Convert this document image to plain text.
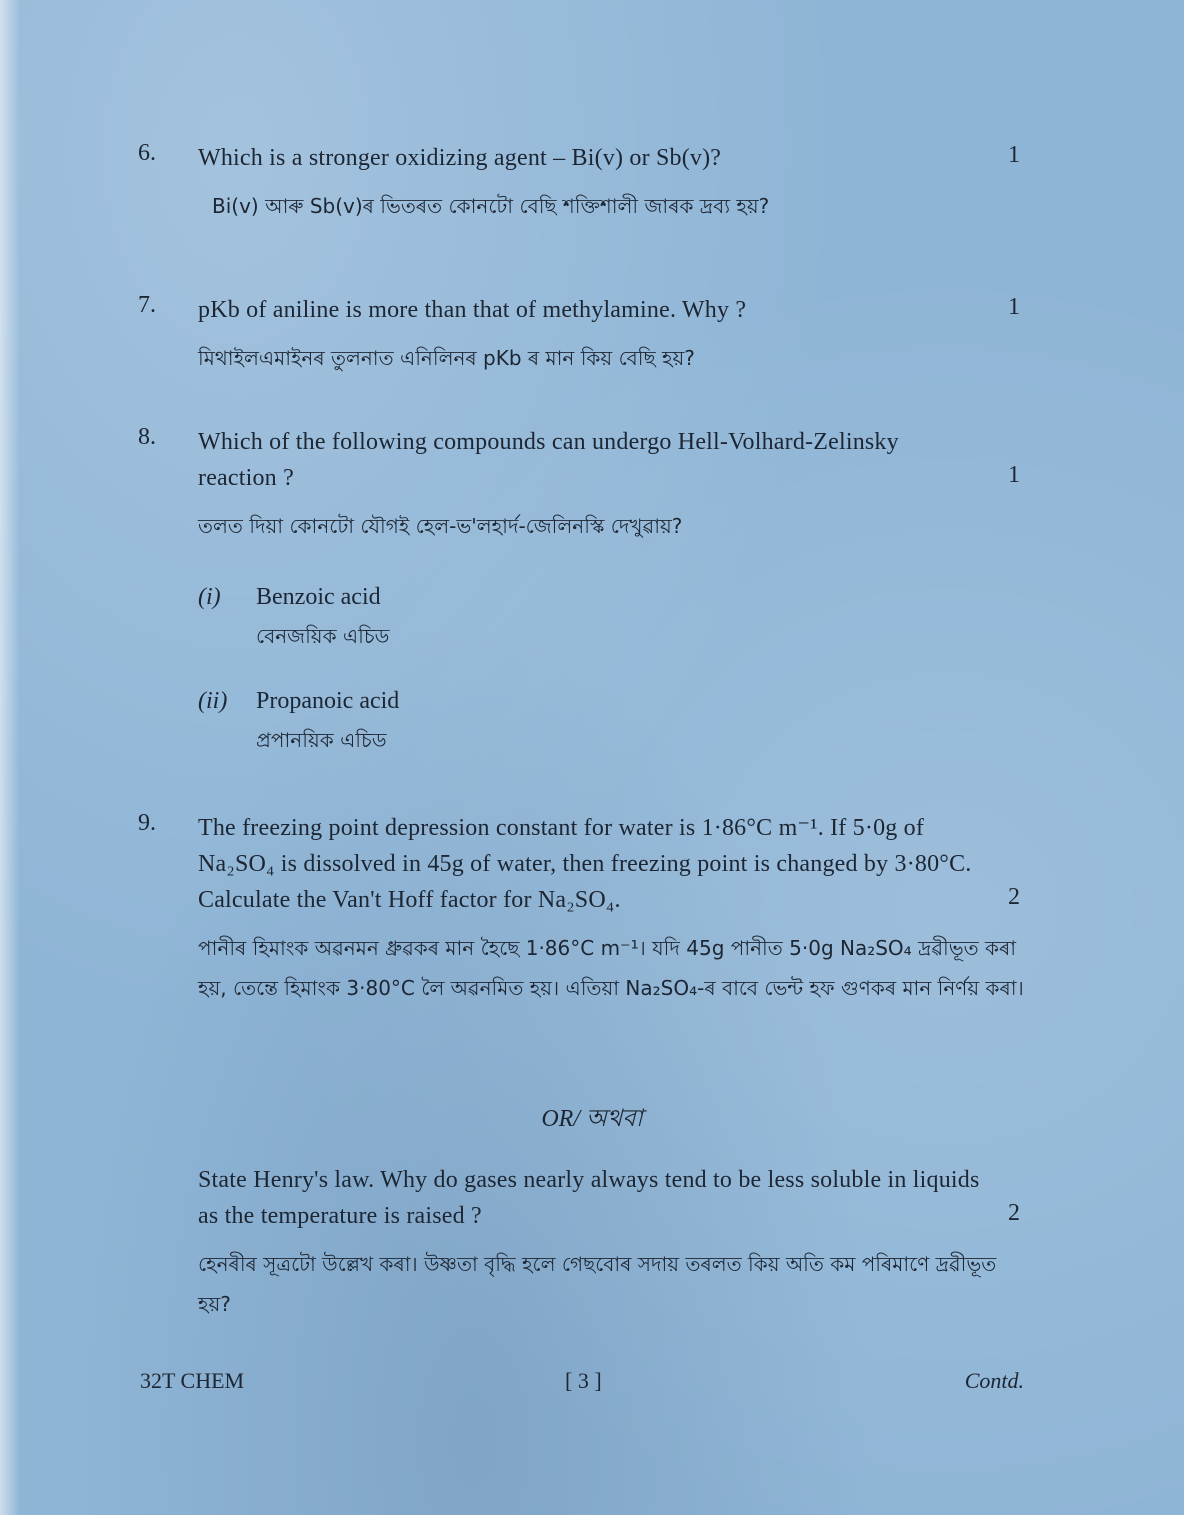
6. Which is a stronger oxidizing agent – Bi(v) or Sb(v)?
Bi(v) আৰু Sb(v)ৰ ভিতৰত কোনটো বেছি শক্তিশালী জাৰক দ্ৰব্য হয়?
1
7. pKb of aniline is more than that of methylamine. Why ?
মিথাইলএমাইনৰ তুলনাত এনিলিনৰ pKb ৰ মান কিয় বেছি হয়?
1
8. Which of the following compounds can undergo Hell-Volhard-Zelinsky reaction ?
তলত দিয়া কোনটো যৌগই হেল-ভ'লহাৰ্দ-জেলিনস্কি দেখুৱায়?
1
(i) Benzoic acid
বেনজয়িক এচিড
(ii) Propanoic acid
প্ৰপানয়িক এচিড
9. The freezing point depression constant for water is 1·86°C m⁻¹. If 5·0g of Na₂SO₄ is dissolved in 45g of water, then freezing point is changed by 3·80°C. Calculate the Van't Hoff factor for Na₂SO₄.
পানীৰ হিমাংক অৱনমন ধ্ৰুৱকৰ মান হৈছে 1·86°C m⁻¹। যদি 45g পানীত 5·0g Na₂SO₄ দ্ৰৱীভূত কৰা হয়, তেন্তে হিমাংক 3·80°C লৈ অৱনমিত হয়। এতিয়া Na₂SO₄-ৰ বাবে ভেন্ট হফ গুণকৰ মান নিৰ্ণয় কৰা।
2
OR/ অথবা
State Henry's law. Why do gases nearly always tend to be less soluble in liquids as the temperature is raised ?
হেনৰীৰ সূত্ৰটো উল্লেখ কৰা। উষ্ণতা বৃদ্ধি হলে গেছবোৰ সদায় তৰলত কিয় অতি কম পৰিমাণে দ্ৰৱীভূত হয়?
2
32T CHEM	[ 3 ]	Contd.
